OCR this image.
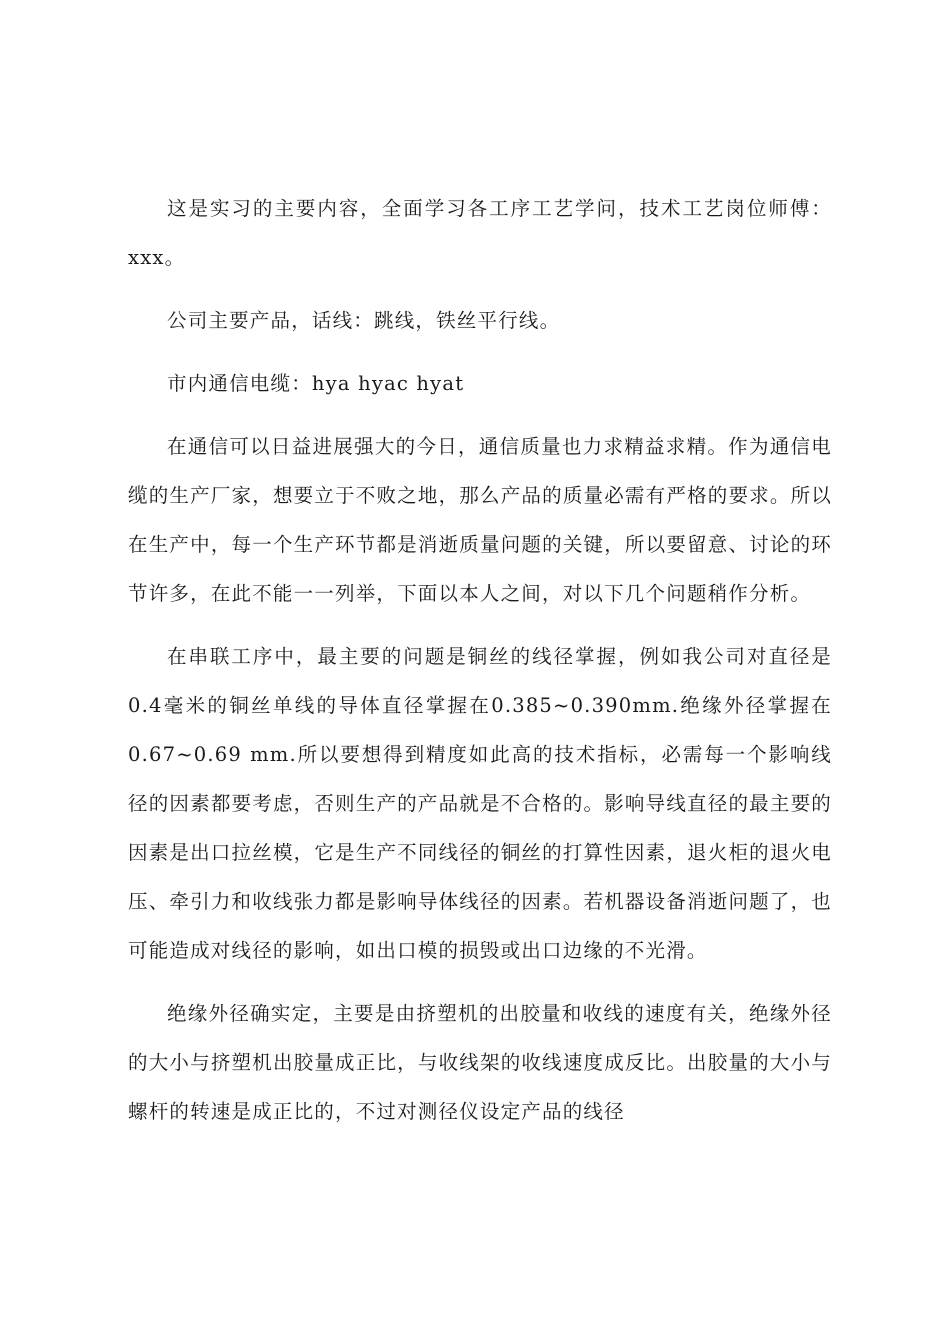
这是实习的主要内容，全面学习各工序工艺学问，技术工艺岗位师傅：xxx。

公司主要产品，话线：跳线，铁丝平行线。

市内通信电缆：hya hyac hyat

在通信可以日益进展强大的今日，通信质量也力求精益求精。作为通信电缆的生产厂家，想要立于不败之地，那么产品的质量必需有严格的要求。所以在生产中，每一个生产环节都是消逝质量问题的关键，所以要留意、讨论的环节许多，在此不能一一列举，下面以本人之间，对以下几个问题稍作分析。

在串联工序中，最主要的问题是铜丝的线径掌握，例如我公司对直径是0.4毫米的铜丝单线的导体直径掌握在0.385~0.390mm.绝缘外径掌握在0.67~0.69 mm.所以要想得到精度如此高的技术指标，必需每一个影响线径的因素都要考虑，否则生产的产品就是不合格的。影响导线直径的最主要的因素是出口拉丝模，它是生产不同线径的铜丝的打算性因素，退火柜的退火电压、牵引力和收线张力都是影响导体线径的因素。若机器设备消逝问题了，也可能造成对线径的影响，如出口模的损毁或出口边缘的不光滑。

绝缘外径确实定，主要是由挤塑机的出胶量和收线的速度有关，绝缘外径的大小与挤塑机出胶量成正比，与收线架的收线速度成反比。出胶量的大小与螺杆的转速是成正比的，不过对测径仪设定产品的线径
